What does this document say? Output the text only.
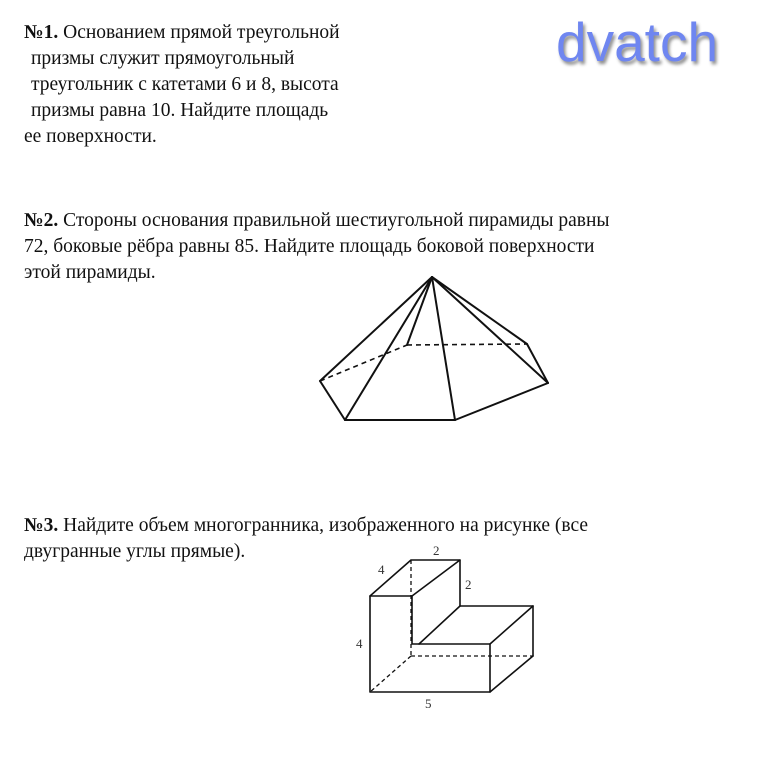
dvatch
№1. Основанием прямой треугольной
призмы служит прямоугольный
треугольник с катетами 6 и 8, высота
призмы равна 10. Найдите площадь
ее поверхности.
№2. Стороны основания правильной шестиугольной пирамиды равны
72, боковые рёбра равны 85. Найдите площадь боковой поверхности
этой пирамиды.
№3. Найдите объем многогранника, изображенного на рисунке (все
двугранные углы прямые).	2
4
2
4
5
